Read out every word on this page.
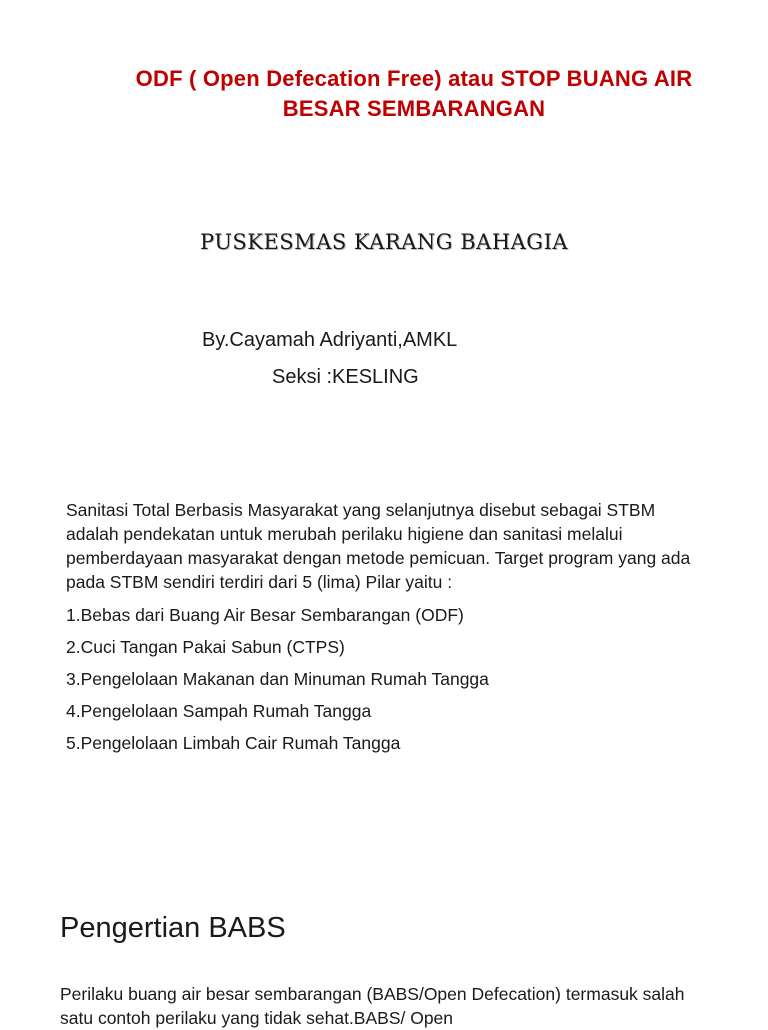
ODF ( Open Defecation Free) atau STOP BUANG AIR
BESAR SEMBARANGAN
PUSKESMAS KARANG BAHAGIA
By.Cayamah Adriyanti,AMKL
Seksi :KESLING
Sanitasi Total Berbasis Masyarakat yang selanjutnya disebut sebagai STBM adalah pendekatan untuk merubah perilaku higiene dan sanitasi melalui pemberdayaan masyarakat dengan metode pemicuan. Target program yang ada pada STBM sendiri terdiri dari 5 (lima) Pilar yaitu :
1.Bebas dari Buang Air Besar Sembarangan (ODF)
2.Cuci Tangan Pakai Sabun (CTPS)
3.Pengelolaan Makanan dan Minuman Rumah Tangga
4.Pengelolaan Sampah Rumah Tangga
5.Pengelolaan Limbah Cair Rumah Tangga
Pengertian BABS
Perilaku buang air besar sembarangan (BABS/Open Defecation) termasuk salah satu contoh perilaku yang tidak sehat.BABS/ Open
